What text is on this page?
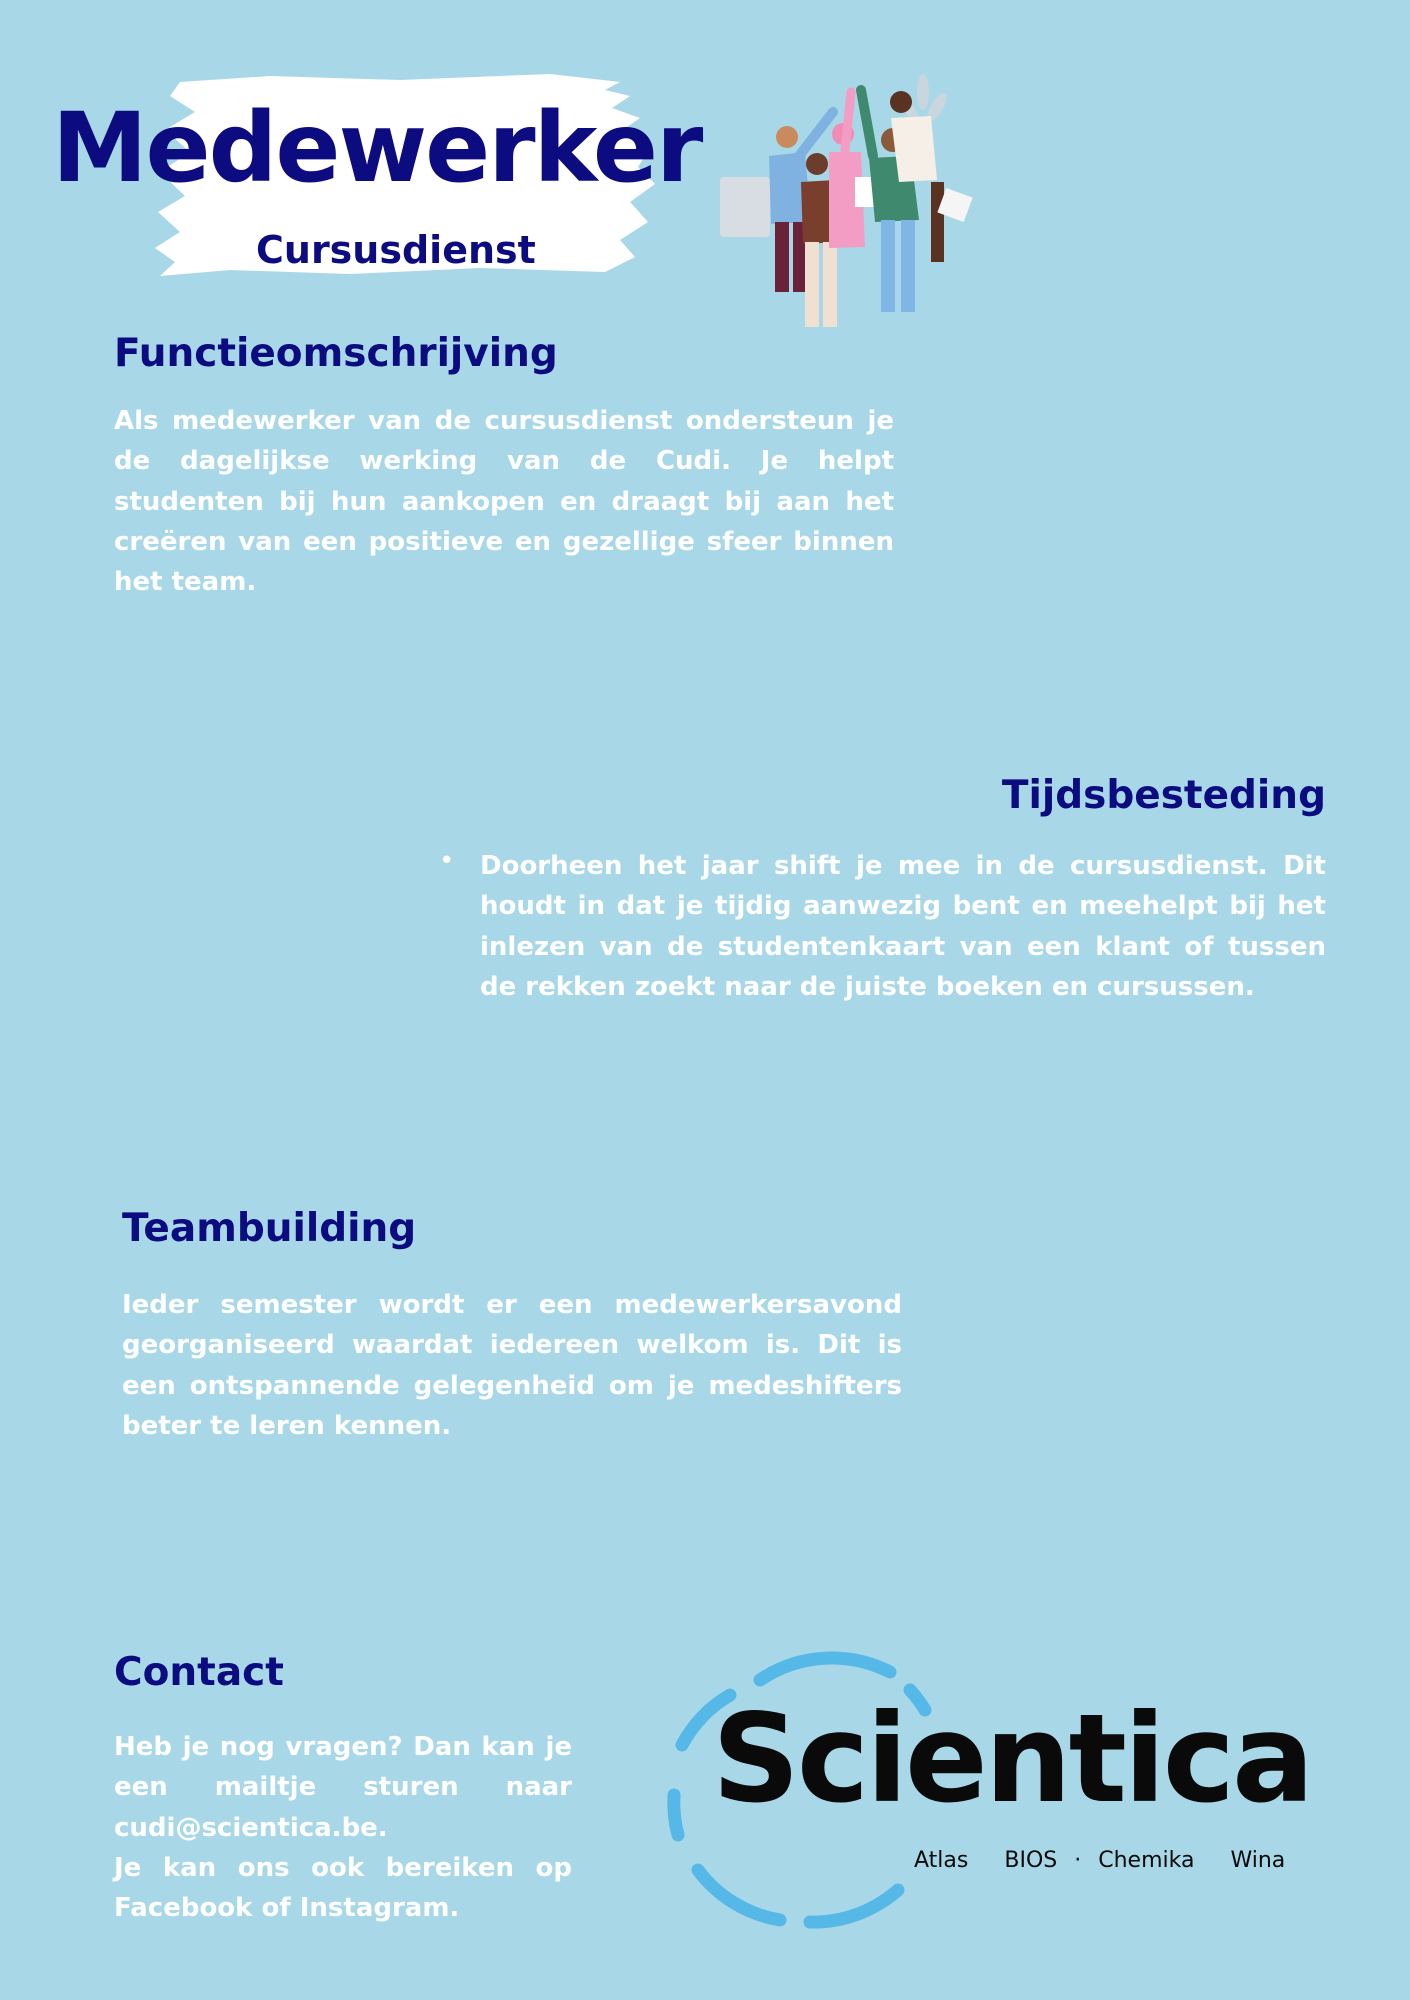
Medewerker
Cursusdienst
Functieomschrijving

Als medewerker van de cursusdienst ondersteun je de dagelijkse werking van de Cudi. Je helpt studenten bij hun aankopen en draagt bij aan het creëren van een positieve en gezellige sfeer binnen het team.

Tijdsbesteding
• Doorheen het jaar shift je mee in de cursusdienst. Dit houdt in dat je tijdig aanwezig bent en meehelpt bij het inlezen van de studentenkaart van een klant of tussen de rekken zoekt naar de juiste boeken en cursussen.

Teambuilding

Ieder semester wordt er een medewerkersavond georganiseerd waardat iedereen welkom is. Dit is een ontspannende gelegenheid om je medeshifters beter te leren kennen.

Contact

Heb je nog vragen? Dan kan je een mailtje sturen naar cudi@scientica.be.

Je kan ons ook bereiken op Facebook of Instagram.

Scientica
Atlas BIOS · Chemika Wina
